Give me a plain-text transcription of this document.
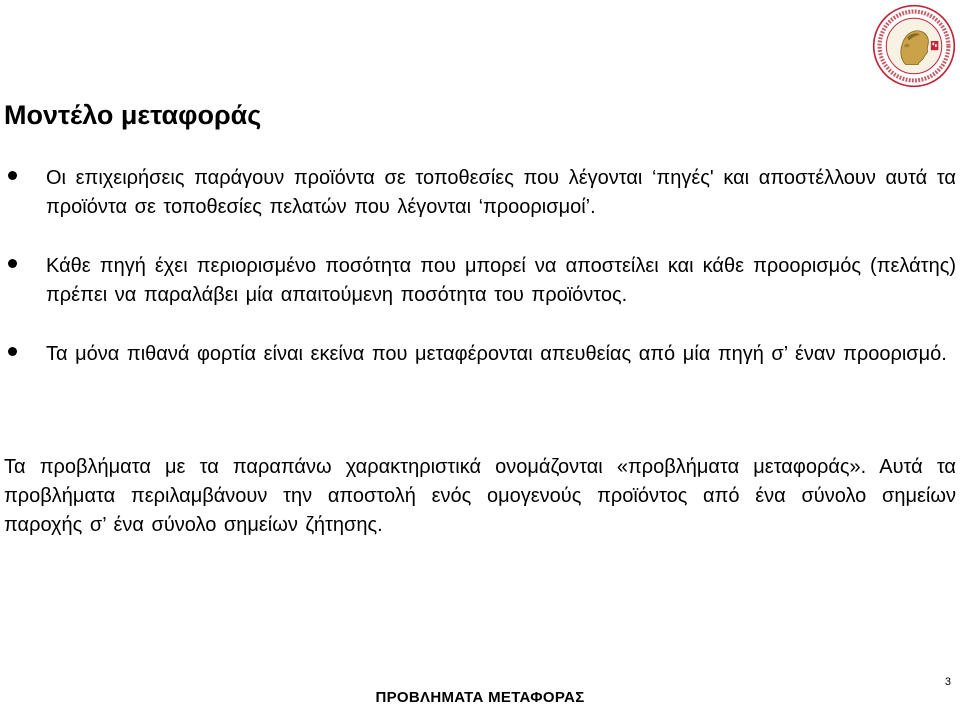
Μοντέλο μεταφοράς
Οι επιχειρήσεις παράγουν προϊόντα σε τοποθεσίες που λέγονται ‘πηγές' και αποστέλλουν αυτά τα προϊόντα σε τοποθεσίες πελατών που λέγονται ‘προορισμοί’.
Κάθε πηγή έχει περιορισμένο ποσότητα που μπορεί να αποστείλει και κάθε προορισμός (πελάτης) πρέπει να παραλάβει μία απαιτούμενη ποσότητα του προϊόντος.
Τα μόνα πιθανά φορτία είναι εκείνα που μεταφέρονται απευθείας από μία πηγή σ’ έναν προορισμό.

Τα προβλήματα με τα παραπάνω χαρακτηριστικά ονομάζονται «προβλήματα μεταφοράς». Αυτά τα προβλήματα περιλαμβάνουν την αποστολή ενός ομογενούς προϊόντος από ένα σύνολο σημείων παροχής σ’ ένα σύνολο σημείων ζήτησης.

ΠΡΟΒΛΗΜΑΤΑ ΜΕΤΑΦΟΡΑΣ
3
